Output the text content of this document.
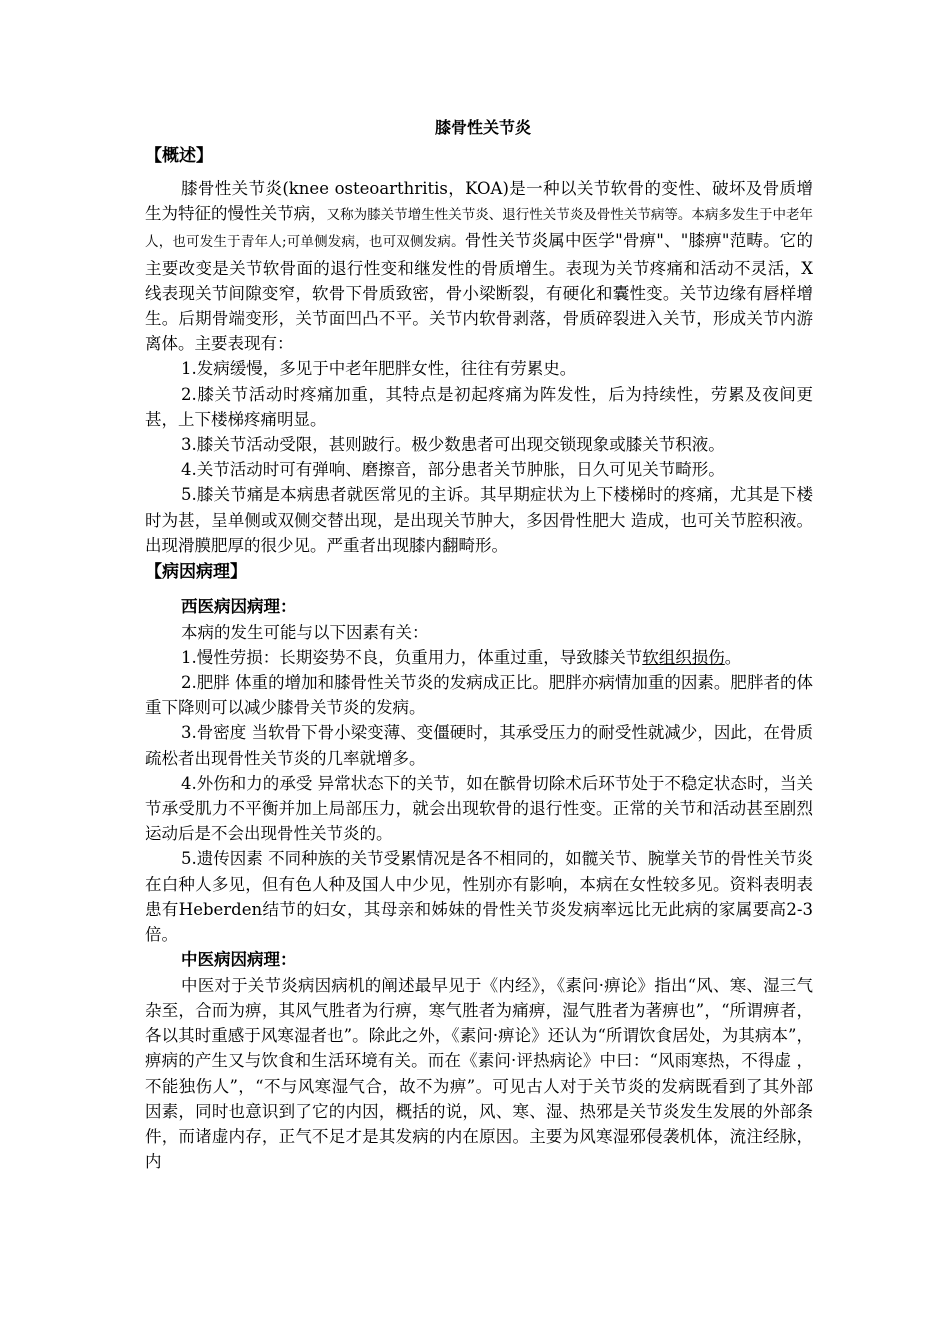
膝骨性关节炎
【概述】

膝骨性关节炎(knee osteoarthritis，KOA)是一种以关节软骨的变性、破坏及骨质增生为特征的慢性关节病，又称为膝关节增生性关节炎、退行性关节炎及骨性关节病等。本病多发生于中老年人，也可发生于青年人;可单侧发病，也可双侧发病。骨性关节炎属中医学"骨痹"、"膝痹"范畴。它的主要改变是关节软骨面的退行性变和继发性的骨质增生。表现为关节疼痛和活动不灵活，X线表现关节间隙变窄，软骨下骨质致密，骨小梁断裂，有硬化和囊性变。关节边缘有唇样增生。后期骨端变形，关节面凹凸不平。关节内软骨剥落，骨质碎裂进入关节，形成关节内游离体。主要表现有：

1.发病缓慢，多见于中老年肥胖女性，往往有劳累史。

2.膝关节活动时疼痛加重，其特点是初起疼痛为阵发性，后为持续性，劳累及夜间更甚，上下楼梯疼痛明显。

3.膝关节活动受限，甚则跛行。极少数患者可出现交锁现象或膝关节积液。

4.关节活动时可有弹响、磨擦音，部分患者关节肿胀，日久可见关节畸形。

5.膝关节痛是本病患者就医常见的主诉。其早期症状为上下楼梯时的疼痛，尤其是下楼时为甚，呈单侧或双侧交替出现，是出现关节肿大，多因骨性肥大 造成，也可关节腔积液。出现滑膜肥厚的很少见。严重者出现膝内翻畸形。

【病因病理】
西医病因病理：

本病的发生可能与以下因素有关：

1.慢性劳损：长期姿势不良，负重用力，体重过重，导致膝关节软组织损伤。

2.肥胖 体重的增加和膝骨性关节炎的发病成正比。肥胖亦病情加重的因素。肥胖者的体重下降则可以减少膝骨关节炎的发病。

3.骨密度 当软骨下骨小梁变薄、变僵硬时，其承受压力的耐受性就减少，因此，在骨质疏松者出现骨性关节炎的几率就增多。

4.外伤和力的承受 异常状态下的关节，如在髌骨切除术后环节处于不稳定状态时，当关节承受肌力不平衡并加上局部压力，就会出现软骨的退行性变。正常的关节和活动甚至剧烈运动后是不会出现骨性关节炎的。

5.遗传因素 不同种族的关节受累情况是各不相同的，如髋关节、腕掌关节的骨性关节炎在白种人多见，但有色人种及国人中少见，性别亦有影响，本病在女性较多见。资料表明表患有Heberden结节的妇女，其母亲和姊妹的骨性关节炎发病率远比无此病的家属要高2-3倍。

中医病因病理：

中医对于关节炎病因病机的阐述最早见于《内经》，《素问·痹论》指出“风、寒、湿三气杂至，合而为痹，其风气胜者为行痹，寒气胜者为痛痹，湿气胜者为著痹也”，“所谓痹者，各以其时重感于风寒湿者也”。除此之外，《素问·痹论》还认为“所谓饮食居处，为其病本”，痹病的产生又与饮食和生活环境有关。而在《素问·评热病论》中曰：“风雨寒热，不得虚 ，不能独伤人”，“不与风寒湿气合，故不为痹”。可见古人对于关节炎的发病既看到了其外部因素，同时也意识到了它的内因，概括的说，风、寒、湿、热邪是关节炎发生发展的外部条件，而诸虚内存，正气不足才是其发病的内在原因。主要为风寒湿邪侵袭机体，流注经脉，内
